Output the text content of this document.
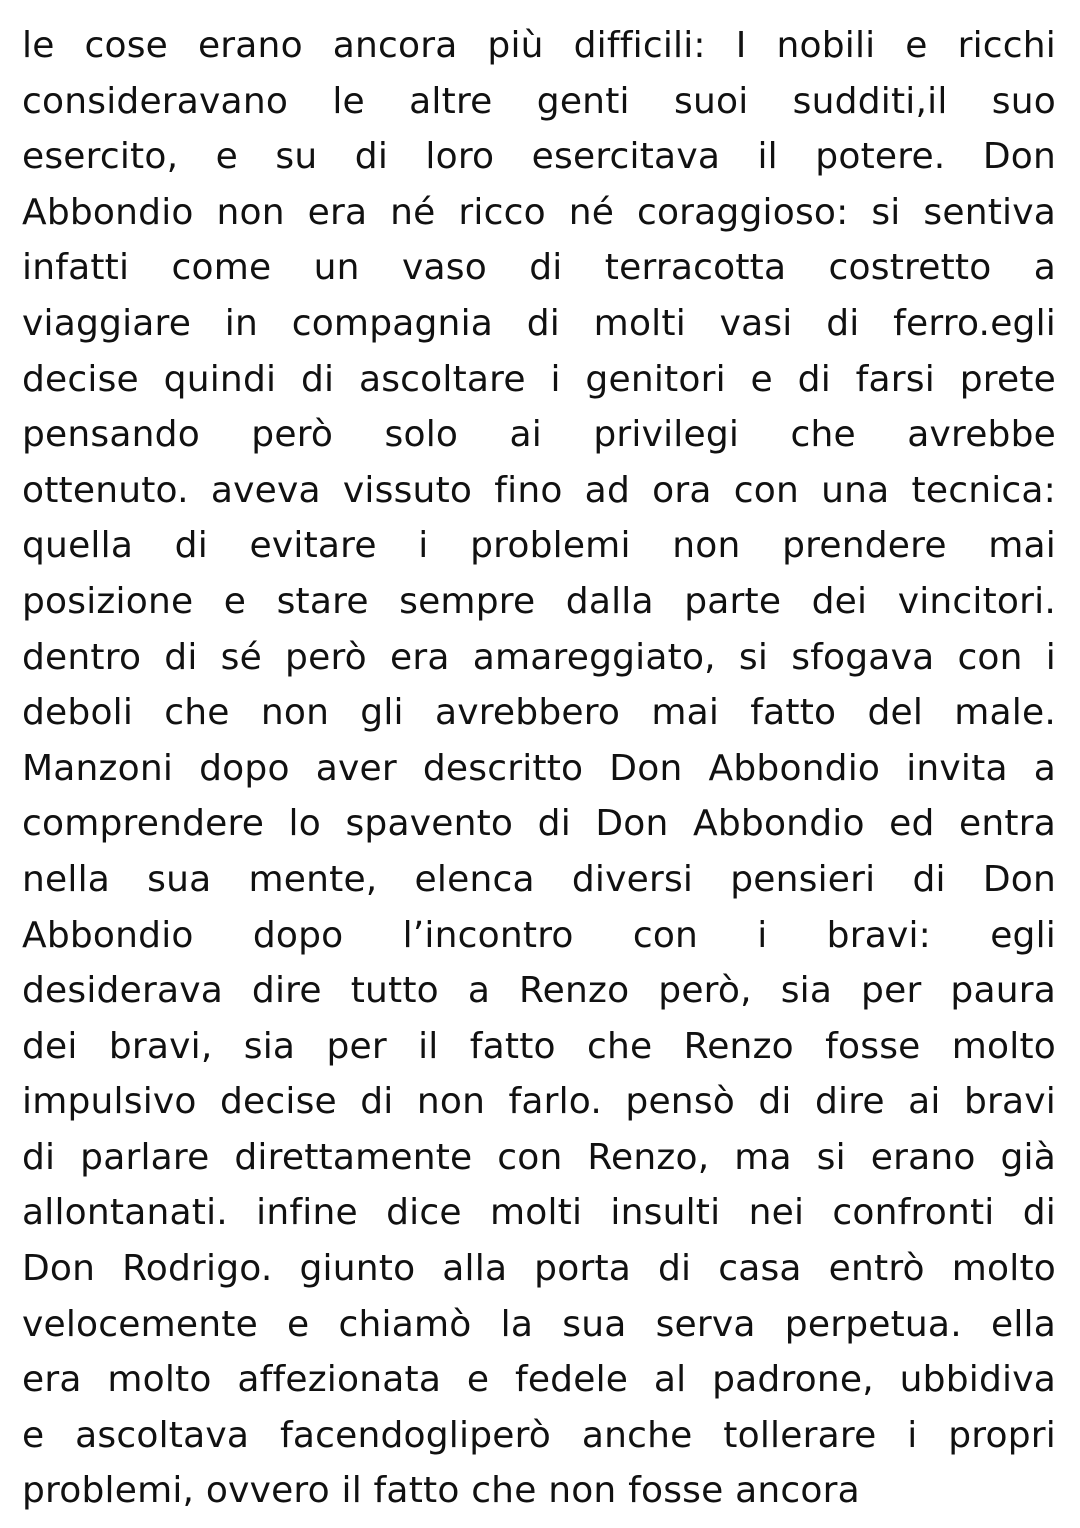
le cose erano ancora più difficili: I nobili e ricchi
consideravano le altre genti suoi sudditi,il suo
esercito, e su di loro esercitava il potere. Don
Abbondio non era né ricco né coraggioso: si sentiva
infatti come un vaso di terracotta costretto a
viaggiare in compagnia di molti vasi di ferro.egli
decise quindi di ascoltare i genitori e di farsi prete
pensando però solo ai privilegi che avrebbe
ottenuto. aveva vissuto fino ad ora con una tecnica:
quella di evitare i problemi non prendere mai
posizione e stare sempre dalla parte dei vincitori.
dentro di sé però era amareggiato, si sfogava con i
deboli che non gli avrebbero mai fatto del male.
Manzoni dopo aver descritto Don Abbondio invita a
comprendere lo spavento di Don Abbondio ed entra
nella sua mente, elenca diversi pensieri di Don
Abbondio dopo l’incontro con i bravi: egli
desiderava dire tutto a Renzo però, sia per paura
dei bravi, sia per il fatto che Renzo fosse molto
impulsivo decise di non farlo. pensò di dire ai bravi
di parlare direttamente con Renzo, ma si erano già
allontanati. infine dice molti insulti nei confronti di
Don Rodrigo. giunto alla porta di casa entrò molto
velocemente e chiamò la sua serva perpetua. ella
era molto affezionata e fedele al padrone, ubbidiva
e ascoltava facendogliperò anche tollerare i propri
problemi, ovvero il fatto che non fosse ancora
